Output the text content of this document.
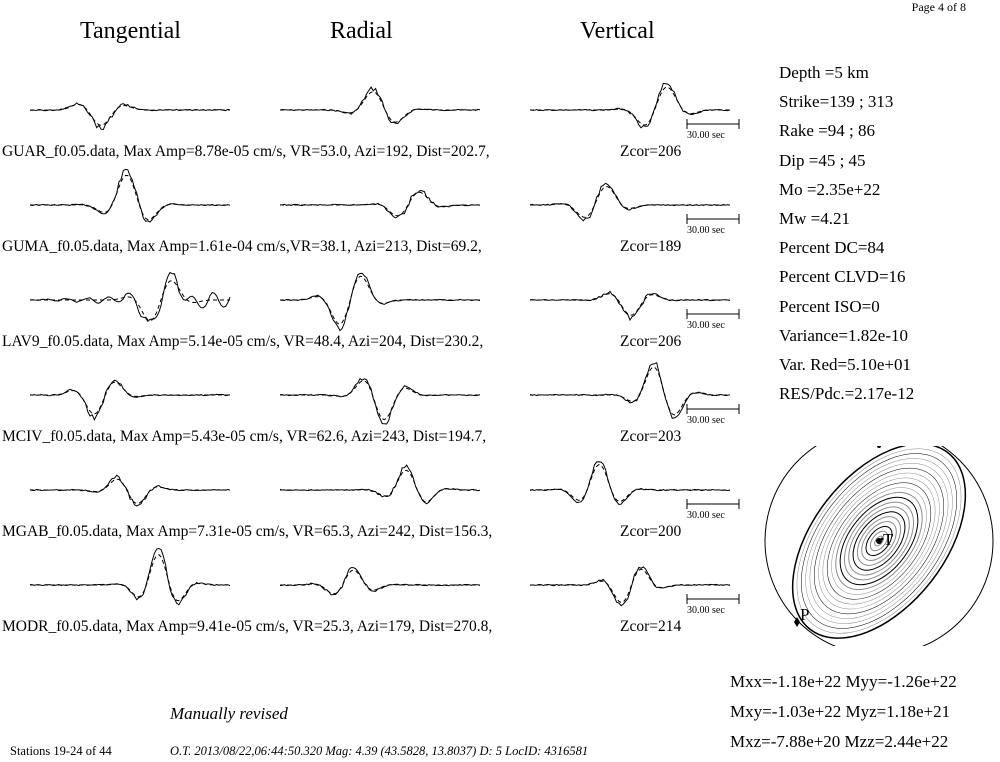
Page 4 of 8
Tangential	Radial	Vertical
30.00 sec
GUAR_f0.05.data, Max Amp=8.78e-05 cm/s, VR=53.0, Azi=192, Dist=202.7,	Zcor=206
30.00 sec
GUMA_f0.05.data, Max Amp=1.61e-04 cm/s,VR=38.1, Azi=213, Dist=69.2,	Zcor=189
30.00 sec
LAV9_f0.05.data, Max Amp=5.14e-05 cm/s, VR=48.4, Azi=204, Dist=230.2,	Zcor=206
30.00 sec
MCIV_f0.05.data, Max Amp=5.43e-05 cm/s, VR=62.6, Azi=243, Dist=194.7,	Zcor=203
30.00 sec
MGAB_f0.05.data, Max Amp=7.31e-05 cm/s, VR=65.3, Azi=242, Dist=156.3,	Zcor=200
30.00 sec
MODR_f0.05.data, Max Amp=9.41e-05 cm/s, VR=25.3, Azi=179, Dist=270.8,	Zcor=214
Depth =5 km
Strike=139 ; 313
Rake =94 ; 86
Dip =45 ; 45
Mo =2.35e+22
Mw =4.21
Percent DC=84
Percent CLVD=16
Percent ISO=0
Variance=1.82e-10
Var. Red=5.10e+01
RES/Pdc.=2.17e-12
T
P
Mxx=-1.18e+22 Myy=-1.26e+22
Mxy=-1.03e+22 Myz=1.18e+21
Mxz=-7.88e+20 Mzz=2.44e+22
Manually revised
Stations 19-24 of 44	O.T. 2013/08/22,06:44:50.320 Mag: 4.39 (43.5828, 13.8037) D: 5 LocID: 4316581
